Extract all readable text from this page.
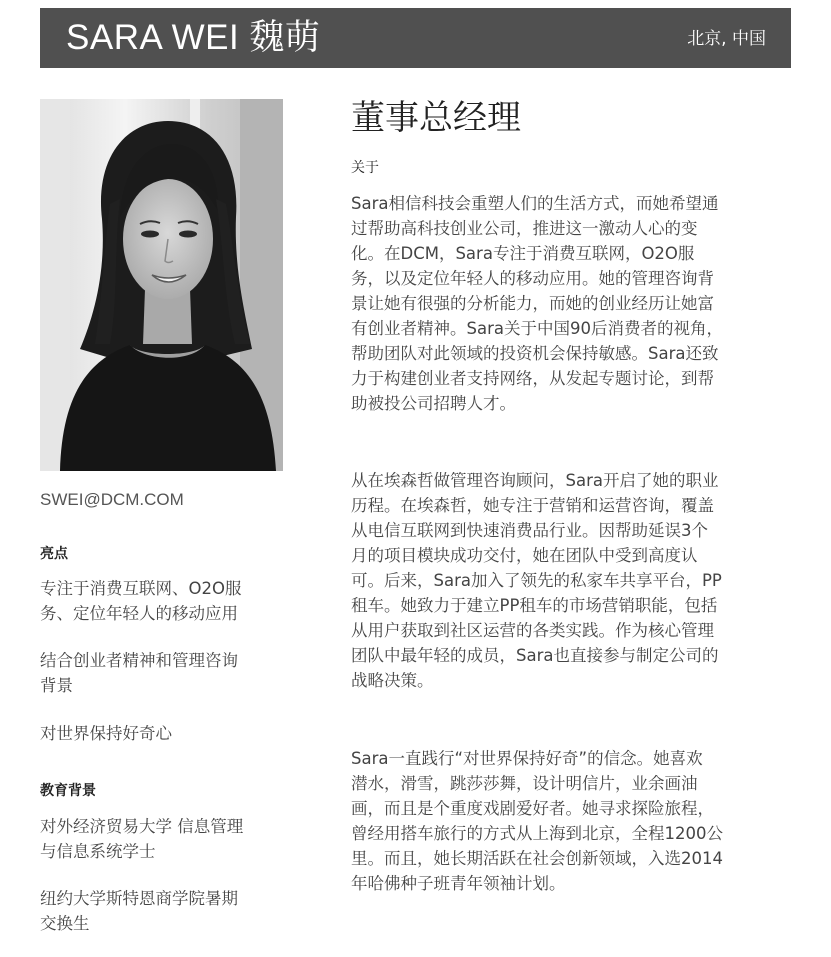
SARA WEI 魏萌	北京, 中国
SWEI@DCM.COM
亮点
专注于消费互联网、O2O服
务、定位年轻人的移动应用
结合创业者精神和管理咨询
背景
对世界保持好奇心
教育背景
对外经济贸易大学 信息管理
与信息系统学士
纽约大学斯特恩商学院暑期
交换生
董事总经理
关于
Sara相信科技会重塑人们的生活方式，而她希望通
过帮助高科技创业公司，推进这一激动人心的变
化。在DCM，Sara专注于消费互联网，O2O服
务，以及定位年轻人的移动应用。她的管理咨询背
景让她有很强的分析能力，而她的创业经历让她富
有创业者精神。Sara关于中国90后消费者的视角，
帮助团队对此领域的投资机会保持敏感。Sara还致
力于构建创业者支持网络，从发起专题讨论，到帮
助被投公司招聘人才。
从在埃森哲做管理咨询顾问，Sara开启了她的职业
历程。在埃森哲，她专注于营销和运营咨询，覆盖
从电信互联网到快速消费品行业。因帮助延误3个
月的项目模块成功交付，她在团队中受到高度认
可。后来，Sara加入了领先的私家车共享平台，PP
租车。她致力于建立PP租车的市场营销职能，包括
从用户获取到社区运营的各类实践。作为核心管理
团队中最年轻的成员，Sara也直接参与制定公司的
战略决策。
Sara一直践行“对世界保持好奇”的信念。她喜欢
潜水，滑雪，跳莎莎舞，设计明信片，业余画油
画，而且是个重度戏剧爱好者。她寻求探险旅程，
曾经用搭车旅行的方式从上海到北京，全程1200公
里。而且，她长期活跃在社会创新领域，入选2014
年哈佛种子班青年领袖计划。
